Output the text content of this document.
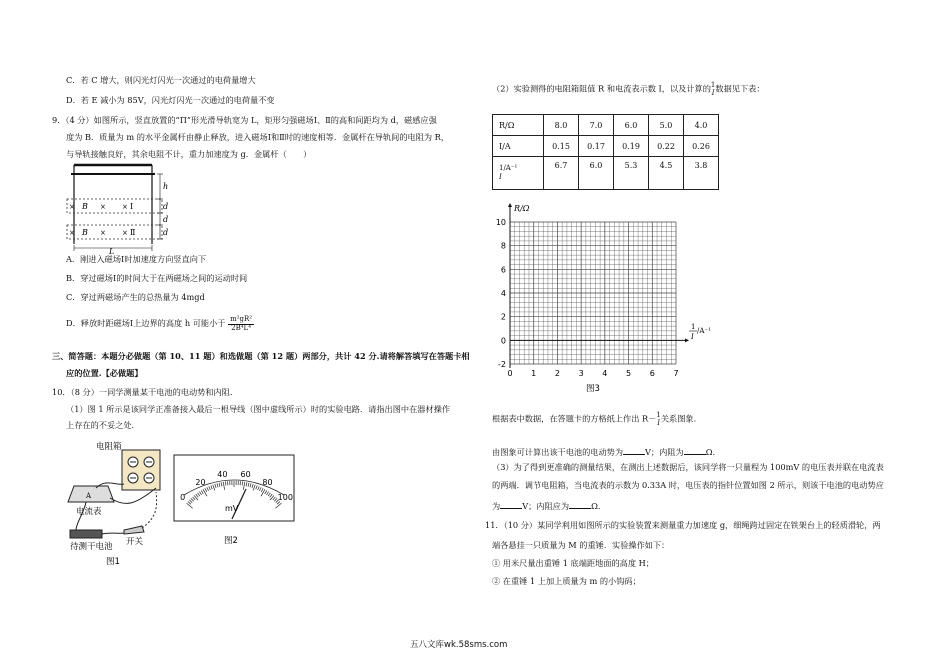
C．若 C 增大，则闪光灯闪光一次通过的电荷量增大
D．若 E 减小为 85V，闪光灯闪光一次通过的电荷量不变
9．（4 分）如图所示，竖直放置的“Π”形光滑导轨宽为 L，矩形匀强磁场Ⅰ、Ⅱ的高和间距均为 d，磁感应强
度为 B．质量为 m 的水平金属杆由静止释放，进入磁场Ⅰ和Ⅱ时的速度相等．金属杆在导轨间的电阻为 R，
与导轨接触良好，其余电阻不计，重力加速度为 g．金属杆（　　）
h
d
d
d
× B × × Ⅰ
× B × × Ⅱ
L
A．刚进入磁场Ⅰ时加速度方向竖直向下
B．穿过磁场Ⅰ的时间大于在两磁场之间的运动时间
C．穿过两磁场产生的总热量为 4mgd
D．释放时距磁场Ⅰ上边界的高度 h 可能小于 $\frac{\text{m²gR²}}{\text{2B⁴L⁴}}$
三、简答题：本题分必做题（第 10、11 题）和选做题（第 12 题）两部分，共计 42 分.请将解答填写在答题卡相
应的位置.【必做题】
10．（8 分）一同学测量某干电池的电动势和内阻.
（1）图 1 所示是该同学正准备接入最后一根导线（图中虚线所示）时的实验电路．请指出图中在器材操作
上存在的不妥之处．
A
电阻箱
电流表
待测干电池 开关
图1
0
20
40 60
80
100
mV
图2
（2）实验测得的电阻箱阻值 R 和电流表示数 I，以及计算的 1
I 数据见下表：
R/Ω	8.0	7.0	6.0	5.0	4.0
I/A	0.15	0.17	0.19	0.22	0.26

1/A⁻¹
I	6.7	6.0	5.3	4.5	3.8
10
8
6
4
2
0
-2
0 1 2 3 4 5 6 7
R/Ω
1
I
/A⁻¹
图3
根据表中数据，在答题卡的方格纸上作出 R－ 1
I 关系图象.
由图象可计算出该干电池的电动势为	V；内阻为	Ω.
（3）为了得到更准确的测量结果，在测出上述数据后，该同学将一只量程为 100mV 的电压表并联在电流表
的两端．调节电阻箱，当电流表的示数为 0.33A 时，电压表的指针位置如图 2 所示，则该干电池的电动势应
为	V；内阻应为	Ω.
11．（10 分）某同学利用如图所示的实验装置来测量重力加速度 g，细绳跨过固定在铁架台上的轻质滑轮，两
端各悬挂一只质量为 M 的重锤．实验操作如下：
① 用米尺量出重锤 1 底端距地面的高度 H；
② 在重锤 1 上加上质量为 m 的小钩码；
五八文库wk.58sms.com
